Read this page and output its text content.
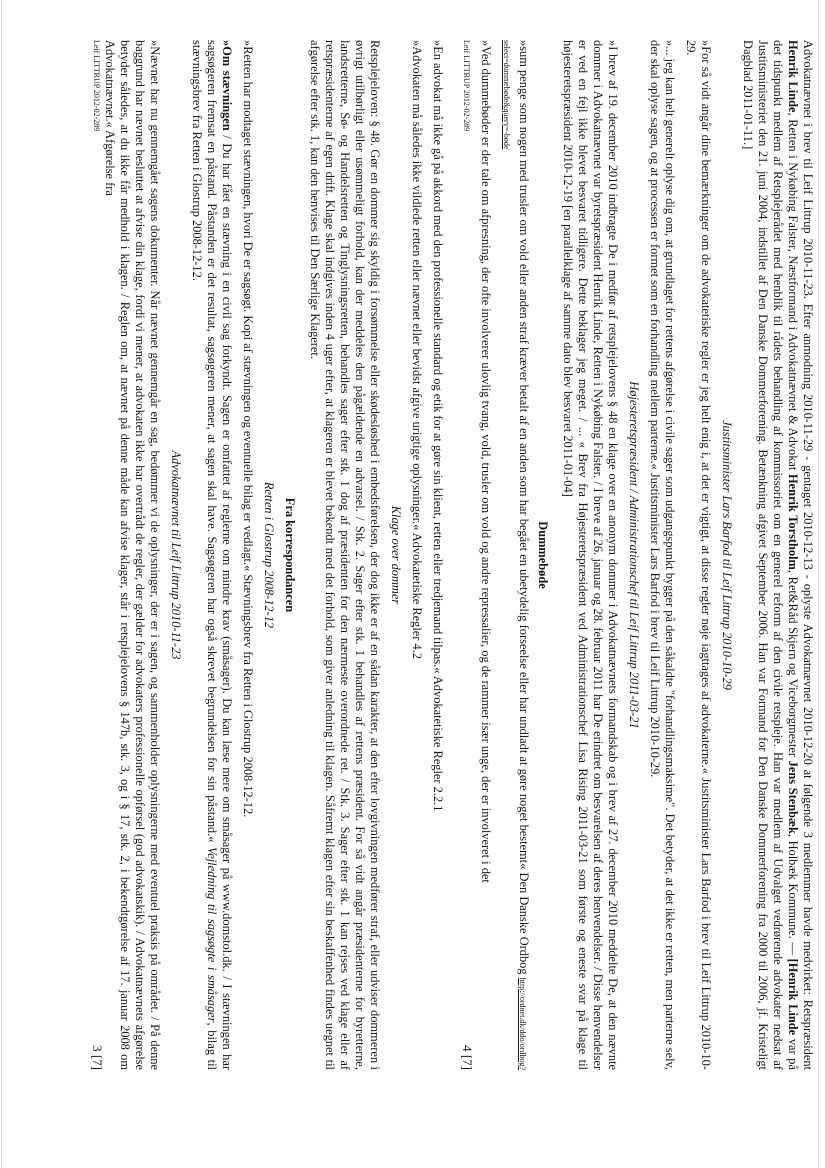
»En advokat må ikke gå på akkord med den professionelle standard og etik for at gøre sin klient, retten eller tredjemand tilpas.« Advokatetiske Regler 2.2.1

»Advokaten må således ikke vildlede retten eller nævnet eller bevidst afgive urigtige oplysninger.« Advokatetiske Regler 4.2

Klage over dommer

Retsplejeloven: § 48. Gør en dommer sig skyldig i forsømmelse eller skødesløshed i embedsførelsen, der dog ikke er af en sådan karakter, at den efter lovgivningen medfører straf, eller udviser dommeren i øvrigt utilbørligt eller usømmeligt forhold, kan der meddeles den pågældende en advarsel. / Stk. 2. Sager efter stk. 1 behandles af rettens præsident. For så vidt angår præsidenterne for byretterne, landsretterne, Sø- og Handelsretten og Tinglysningsretten, behandles sager efter stk. 1 dog af præsidenten for den nærmeste overordnede ret. / Stk. 3. Sager efter stk. 1 kan rejses ved klage eller af retspræsidenterne af egen drift. Klage skal indgives inden 4 uger efter, at klageren er blevet bekendt med det forhold, som giver anledning til klagen. Såfremt klagen efter sin beskaffenhed findes uegnet til afgørelse efter stk. 1, kan den henvises til Den Særlige Klageret.

Fra korrespondancen
Retten i Glostrup 2008-12-12

»Retten har modtaget stævningen, hvori De er sagsøgt. Kopi af stævningen og eventuelle bilag er vedlagt.« Stævningsbrev fra Retten i Glostrup 2008-12-12.

»Om stævningen / Du har fået en stævning i en civil sag forkyndt. Sagen er omfattet af reglerne om mindre krav (småsager). Du kan læse mere om småsager på www.domstol.dk. / I stævningen har sagsøgeren fremsat en påstand. Påstanden er det resultat, sagsøgeren mener, at sagen skal have. Sagsøgeren har også skrevet begrundelsen for sin påstand.« Vejledning til sagsøgte i småsager, bilag til stævningsbrev fra Retten i Glostrup 2008-12-12.

Advokatnævnet til Leif Littrup 2010-11-23

»Nævnet har nu gennemgået sagens dokumenter. Når nævnet gennemgår en sag, bedømmer vi de oplysninger, der er i sagen, og sammenholder oplysningerne med eventuel praksis på området. / På denne baggrund har nævnet besluttet at afvise din klage, fordi vi mener, at advokaten ikke har overtrådt de regler, der gælder for advokaters professionelle opførsel (god advokatskik). / Advokatnævnets afgørelse betyder således, at du ikke får medhold i klagen. / Reglen om, at nævnet på denne måde kan afvise klager, står i retsplejelovens § 147b, stk. 3, og i § 17, stk. 2, i bekendtgørelse af 17. januar 2008 om Advokatnævnet.« Afgørelse fra

Leif LITTRUP 2012-02-289
3 [7]	Advokatnævnet i brev til Leif Littrup 2010-11-23. Efter anmodning 2010-11-29 - gentaget 2010-12-13 - oplyste Advokatnævnet 2010-12-20 at følgende 3 medlemmer havde medvirket: Retspræsident Henrik Linde, Retten i Nykøbing Falster, Næstformand i Advokatnævnet & Advokat Henrik Torstholm, Ret&Råd Skjern og Viceborgmester Jens Stenbæk, Holbæk Kommune. — [Henrik Linde var på det tidspunkt medlem af Retsplejerådet med henblik til rådets behandling af kommissoriet om en generel reform af den civile retspleje. Han var medlem af Udvalget vedrørende advokater nedsat af Justitsministeriet den 21. juni 2004, indstillet af Den Danske Dommerforening. Betænkning afgivet September 2006. Han var Formand for Den Danske Dommerforening fra 2000 til 2006, jf. Kristeligt Dagblad 2011-01-11.]

Justitsminister Lars Barfod til Leif Littrup 2010-10-29

»For så vidt angår dine bemærkninger om de advokatetiske regler er jeg helt enig i, at det er vigtigt, at disse regler nøje iagttages af advokaterne.« Justitsminister Lars Barfod i brev til Leif Littrup 2010-10-29.

»... jeg kan helt generelt oplyse dig om, at grundlaget for rettens afgørelse i civile sager som udgangspunkt bygger på den såkaldte "forhandlingsmaksime". Det betyder, at det ikke er retten, men parterne selv, der skal oplyse sagen, og at processen er formet som en forhandling mellem parterne.« Justitsminister Lars Barfod i brev til Leif Littrup 2010-10-29.

Højesteretspræsident / Administrationschef til Leif Littrup 2011-03-21

»I brev af 19. december 2010 indbragte De i medfør af retsplejelovens § 48 en klage over en anonym dommer i Advokatnævnets formandskab og i brev af 27. december 2010 meddelte De, at den nævnte dommer i Advokatnævnet var byretspræsident Henrik Linde, Retten i Nykøbing Falster. / I breve af 26. januar og 28. februar 2011 har De erindret om besvarelsen af deres henvendelser. / Disse henvendelser er ved en fejl ikke blevet besvaret tidligere. Dette beklager jeg meget. / ... « Brev fra Højesteretspræsident ved Administrationschef Lisa Rising 2011-03-21 som første og eneste svar på klage til højesteretspræsident 2010-12-19 [en parallelklage af samme dato blev besvaret 2011-01-04]

Dummebøde

»sum penge som nogen med trusler om vold eller anden straf kræver betalt af en anden som har begået en ubetydelig forseelse eller har undladt at gøre noget bestemt« Den Danske Ordbog http://ordnet.dk/ddo/ordbog?select=dummebøde&query=-bøde

»Ved dummebøder er der tale om afpresning, der ofte involverer ulovlig tvang, vold, trusler om vold og andre repressalier, og de rammer især unge, der er involveret i det

Leif LITTRUP 2012-02-289
4 [7]
